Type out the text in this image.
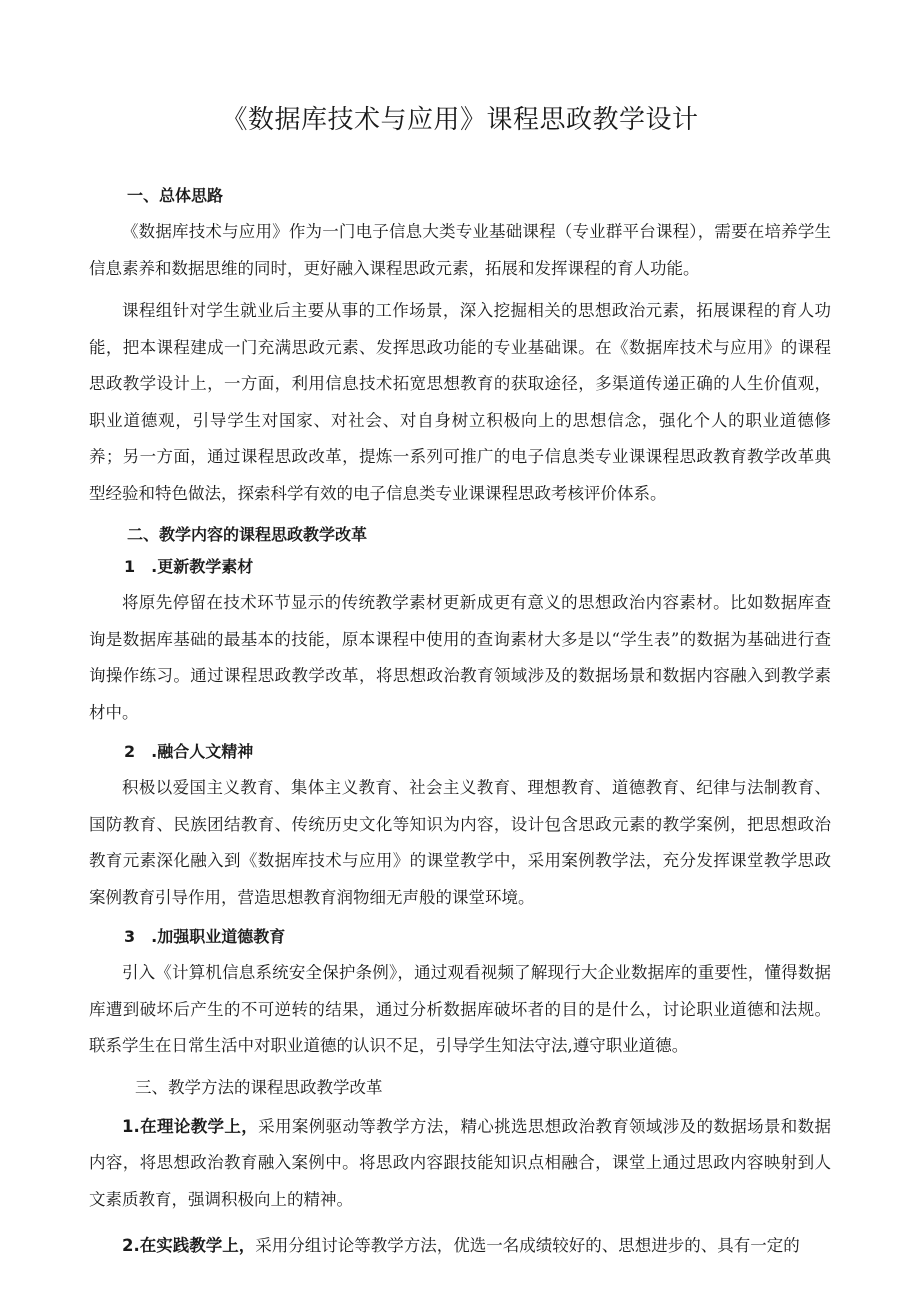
《数据库技术与应用》课程思政教学设计
一、总体思路

《数据库技术与应用》作为一门电子信息大类专业基础课程（专业群平台课程），需要在培养学生信息素养和数据思维的同时，更好融入课程思政元素，拓展和发挥课程的育人功能。

课程组针对学生就业后主要从事的工作场景，深入挖掘相关的思想政治元素，拓展课程的育人功能，把本课程建成一门充满思政元素、发挥思政功能的专业基础课。在《数据库技术与应用》的课程思政教学设计上，一方面，利用信息技术拓宽思想教育的获取途径，多渠道传递正确的人生价值观，职业道德观，引导学生对国家、对社会、对自身树立积极向上的思想信念，强化个人的职业道德修养；另一方面，通过课程思政改革，提炼一系列可推广的电子信息类专业课课程思政教育教学改革典型经验和特色做法，探索科学有效的电子信息类专业课课程思政考核评价体系。

二、教学内容的课程思政教学改革
1　.更新教学素材

将原先停留在技术环节显示的传统教学素材更新成更有意义的思想政治内容素材。比如数据库查询是数据库基础的最基本的技能，原本课程中使用的查询素材大多是以“学生表”的数据为基础进行查询操作练习。通过课程思政教学改革，将思想政治教育领域涉及的数据场景和数据内容融入到教学素材中。

2　.融合人文精神

积极以爱国主义教育、集体主义教育、社会主义教育、理想教育、道德教育、纪律与法制教育、国防教育、民族团结教育、传统历史文化等知识为内容，设计包含思政元素的教学案例，把思想政治教育元素深化融入到《数据库技术与应用》的课堂教学中，采用案例教学法，充分发挥课堂教学思政案例教育引导作用，营造思想教育润物细无声般的课堂环境。

3　.加强职业道德教育

引入《计算机信息系统安全保护条例》，通过观看视频了解现行大企业数据库的重要性，懂得数据库遭到破坏后产生的不可逆转的结果，通过分析数据库破坏者的目的是什么，讨论职业道德和法规。联系学生在日常生活中对职业道德的认识不足，引导学生知法守法,遵守职业道德。

三、教学方法的课程思政教学改革

1.在理论教学上，采用案例驱动等教学方法，精心挑选思想政治教育领域涉及的数据场景和数据内容，将思想政治教育融入案例中。将思政内容跟技能知识点相融合，课堂上通过思政内容映射到人文素质教育，强调积极向上的精神。

2.在实践教学上，采用分组讨论等教学方法，优选一名成绩较好的、思想进步的、具有一定的
